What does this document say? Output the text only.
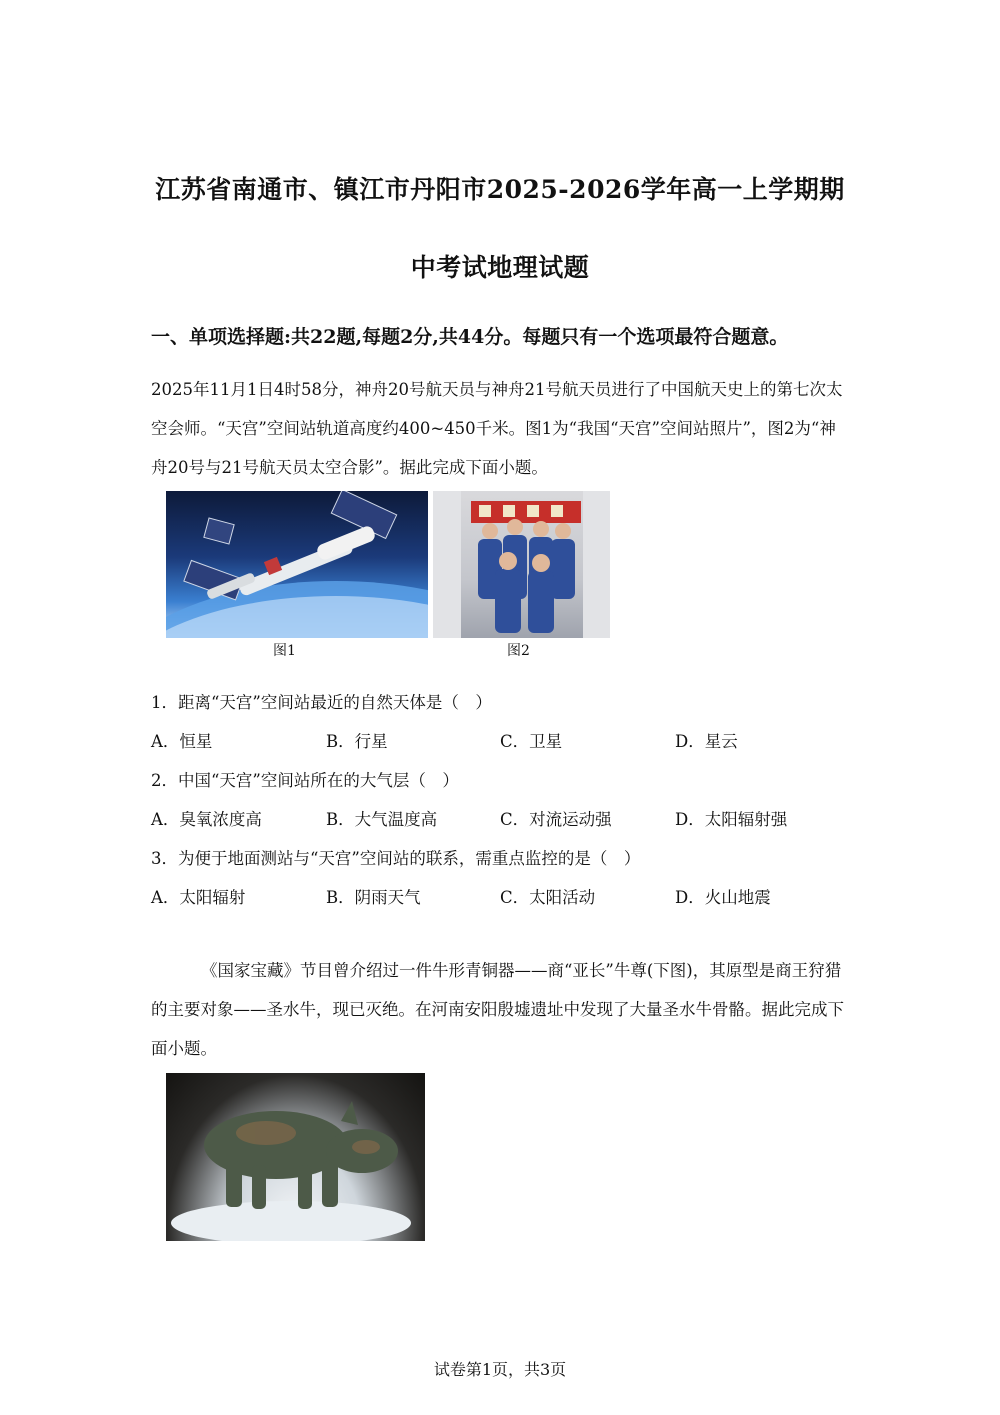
江苏省南通市、镇江市丹阳市2025-2026学年高一上学期期
中考试地理试题
一、单项选择题:共22题,每题2分,共44分。每题只有一个选项最符合题意。
2025年11月1日4时58分，神舟20号航天员与神舟21号航天员进行了中国航天史上的第七次太空会师。“天宫”空间站轨道高度约400~450千米。图1为“我国“天宫”空间站照片”，图2为“神舟20号与21号航天员太空合影”。据此完成下面小题。
图1	图2
1．距离“天宫”空间站最近的自然天体是（　）
A．恒星	B．行星	C．卫星	D．星云
2．中国“天宫”空间站所在的大气层（　）
A．臭氧浓度高	B．大气温度高	C．对流运动强	D．太阳辐射强
3．为便于地面测站与“天宫”空间站的联系，需重点监控的是（　）
A．太阳辐射	B．阴雨天气	C．太阳活动	D．火山地震
《国家宝藏》节目曾介绍过一件牛形青铜器——商“亚长”牛尊(下图)，其原型是商王狩猎的主要对象——圣水牛，现已灭绝。在河南安阳殷墟遗址中发现了大量圣水牛骨骼。据此完成下面小题。
试卷第1页，共3页
